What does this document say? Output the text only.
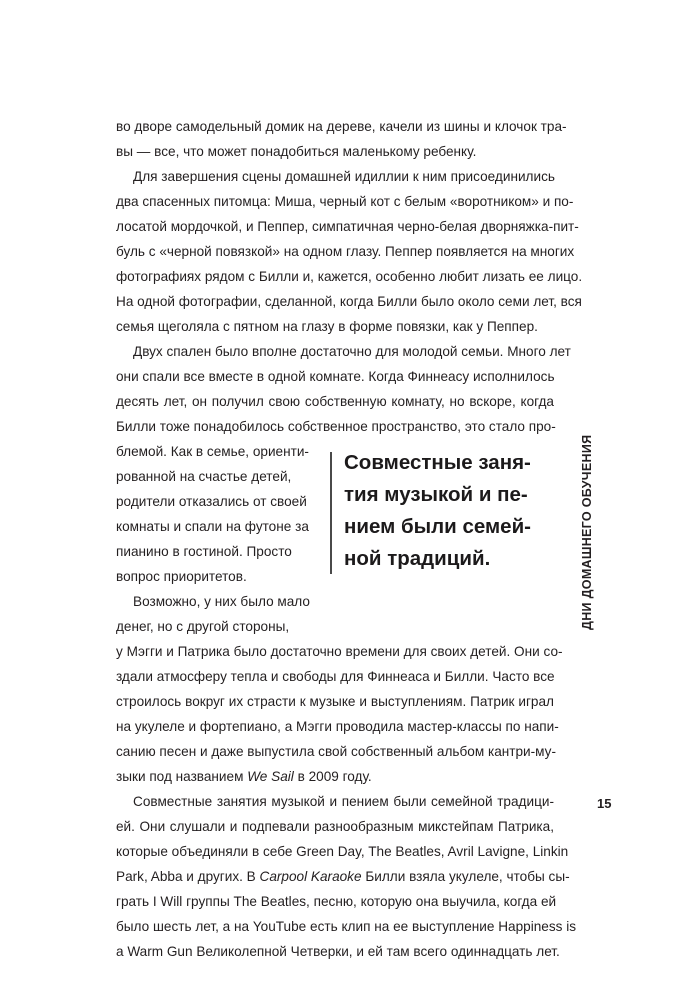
во дворе самодельный домик на дереве, качели из шины и клочок тра-
вы — все, что может понадобиться маленькому ребенку.
Для завершения сцены домашней идиллии к ним присоединились
два спасенных питомца: Миша, черный кот с белым «воротником» и по-
лосатой мордочкой, и Пеппер, симпатичная черно-белая дворняжка-пит-
буль с «черной повязкой» на одном глазу. Пеппер появляется на многих
фотографиях рядом с Билли и, кажется, особенно любит лизать ее лицо.
На одной фотографии, сделанной, когда Билли было около семи лет, вся
семья щеголяла с пятном на глазу в форме повязки, как у Пеппер.
Двух спален было вполне достаточно для молодой семьи. Много лет
они спали все вместе в одной комнате. Когда Финнеасу исполнилось
десять лет, он получил свою собственную комнату, но вскоре, когда
Билли тоже понадобилось собственное пространство, это стало про-
блемой. Как в семье, ориенти-
рованной на счастье детей,
родители отказались от своей
комнаты и спали на футоне за
пианино в гостиной. Просто
вопрос приоритетов.
Возможно, у них было мало
денег, но с другой стороны,
у Мэгги и Патрика было достаточно времени для своих детей. Они со-
здали атмосферу тепла и свободы для Финнеаса и Билли. Часто все
строилось вокруг их страсти к музыке и выступлениям. Патрик играл
на укулеле и фортепиано, а Мэгги проводила мастер-классы по напи-
санию песен и даже выпустила свой собственный альбом кантри-му-
зыки под названием We Sail в 2009 году.
Совместные занятия музыкой и пением были семейной традици-
ей. Они слушали и подпевали разнообразным микстейпам Патрика,
которые объединяли в себе Green Day, The Beatles, Avril Lavigne, Linkin
Park, Abba и других. В Carpool Karaoke Билли взяла укулеле, чтобы сы-
грать I Will группы The Beatles, песню, которую она выучила, когда ей
было шесть лет, а на YouTube есть клип на ее выступление Happiness is
a Warm Gun Великолепной Четверки, и ей там всего одиннадцать лет.
Совместные заня-
тия музыкой и пе-
нием были семей-
ной традиций.	ДНИ ДОМАШНЕГО ОБУЧЕНИЯ
15
